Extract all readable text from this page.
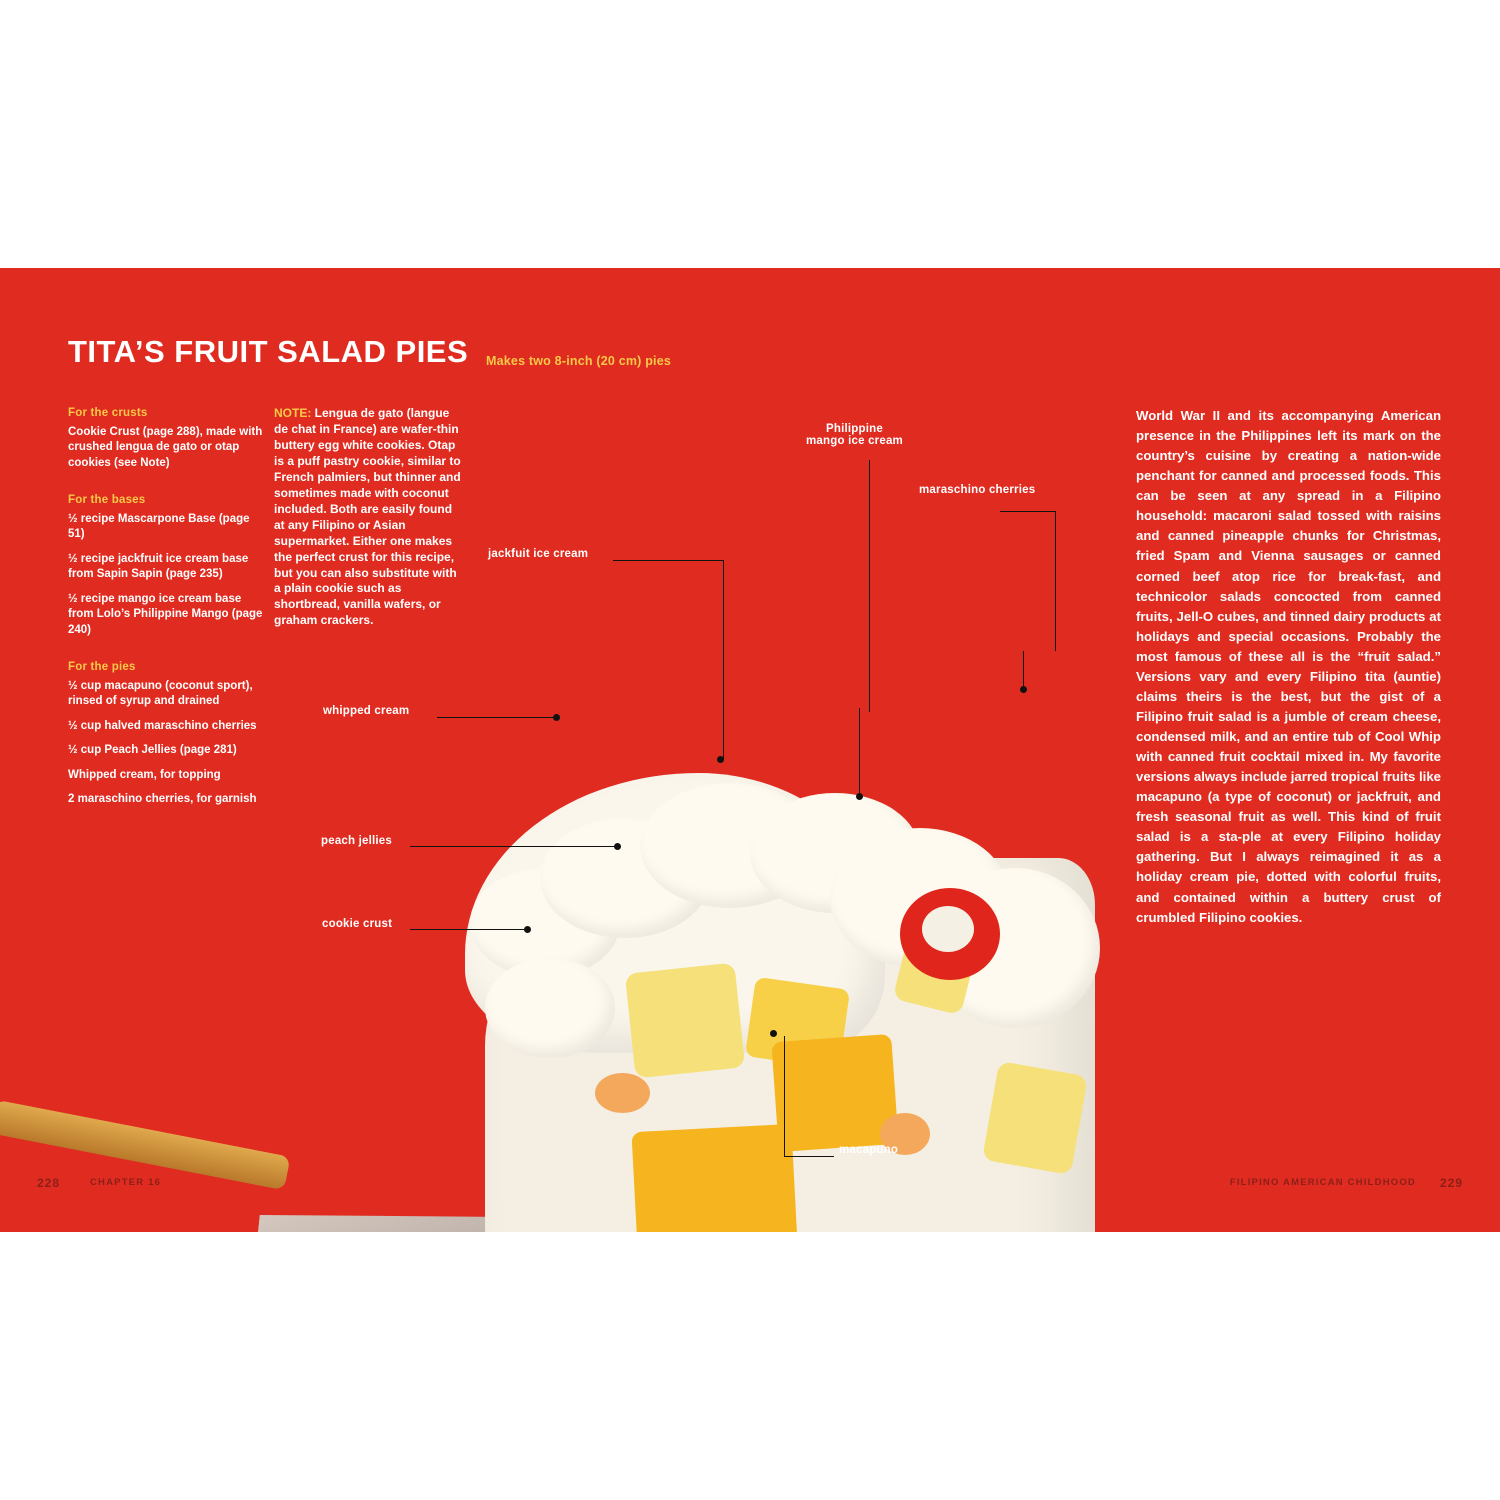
TITA’S FRUIT SALAD PIES Makes two 8-inch (20 cm) pies
For the crusts
Cookie Crust (page 288), made with crushed lengua de gato or otap cookies (see Note)
For the bases
½ recipe Mascarpone Base (page 51)
½ recipe jackfruit ice cream base from Sapin Sapin (page 235)
½ recipe mango ice cream base from Lolo’s Philippine Mango (page 240)
For the pies
½ cup macapuno (coconut sport), rinsed of syrup and drained
½ cup halved maraschino cherries
½ cup Peach Jellies (page 281)
Whipped cream, for topping
2 maraschino cherries, for garnish
NOTE: Lengua de gato (langue de chat in France) are wafer-thin buttery egg white cookies. Otap is a puff pastry cookie, similar to French palmiers, but thinner and sometimes made with coconut included. Both are easily found at any Filipino or Asian supermarket. Either one makes the perfect crust for this recipe, but you can also substitute with a plain cookie such as shortbread, vanilla wafers, or graham crackers.
World War II and its accompanying American presence in the Philippines left its mark on the country’s cuisine by creating a nation-wide penchant for canned and processed foods. This can be seen at any spread in a Filipino household: macaroni salad tossed with raisins and canned pineapple chunks for Christmas, fried Spam and Vienna sausages or canned corned beef atop rice for break-fast, and technicolor salads concocted from canned fruits, Jell-O cubes, and tinned dairy products at holidays and special occasions. Probably the most famous of these all is the “fruit salad.” Versions vary and every Filipino tita (auntie) claims theirs is the best, but the gist of a Filipino fruit salad is a jumble of cream cheese, condensed milk, and an entire tub of Cool Whip with canned fruit cocktail mixed in. My favorite versions always include jarred tropical fruits like macapuno (a type of coconut) or jackfruit, and fresh seasonal fruit as well. This kind of fruit salad is a sta-ple at every Filipino holiday gathering. But I always reimagined it as a holiday cream pie, dotted with colorful fruits, and contained within a buttery crust of crumbled Filipino cookies.
Philippine
mango ice cream
maraschino cherries
jackfuit ice cream
whipped cream
peach jellies
cookie crust
macapuno
228	CHAPTER 16	FILIPINO AMERICAN CHILDHOOD 229
